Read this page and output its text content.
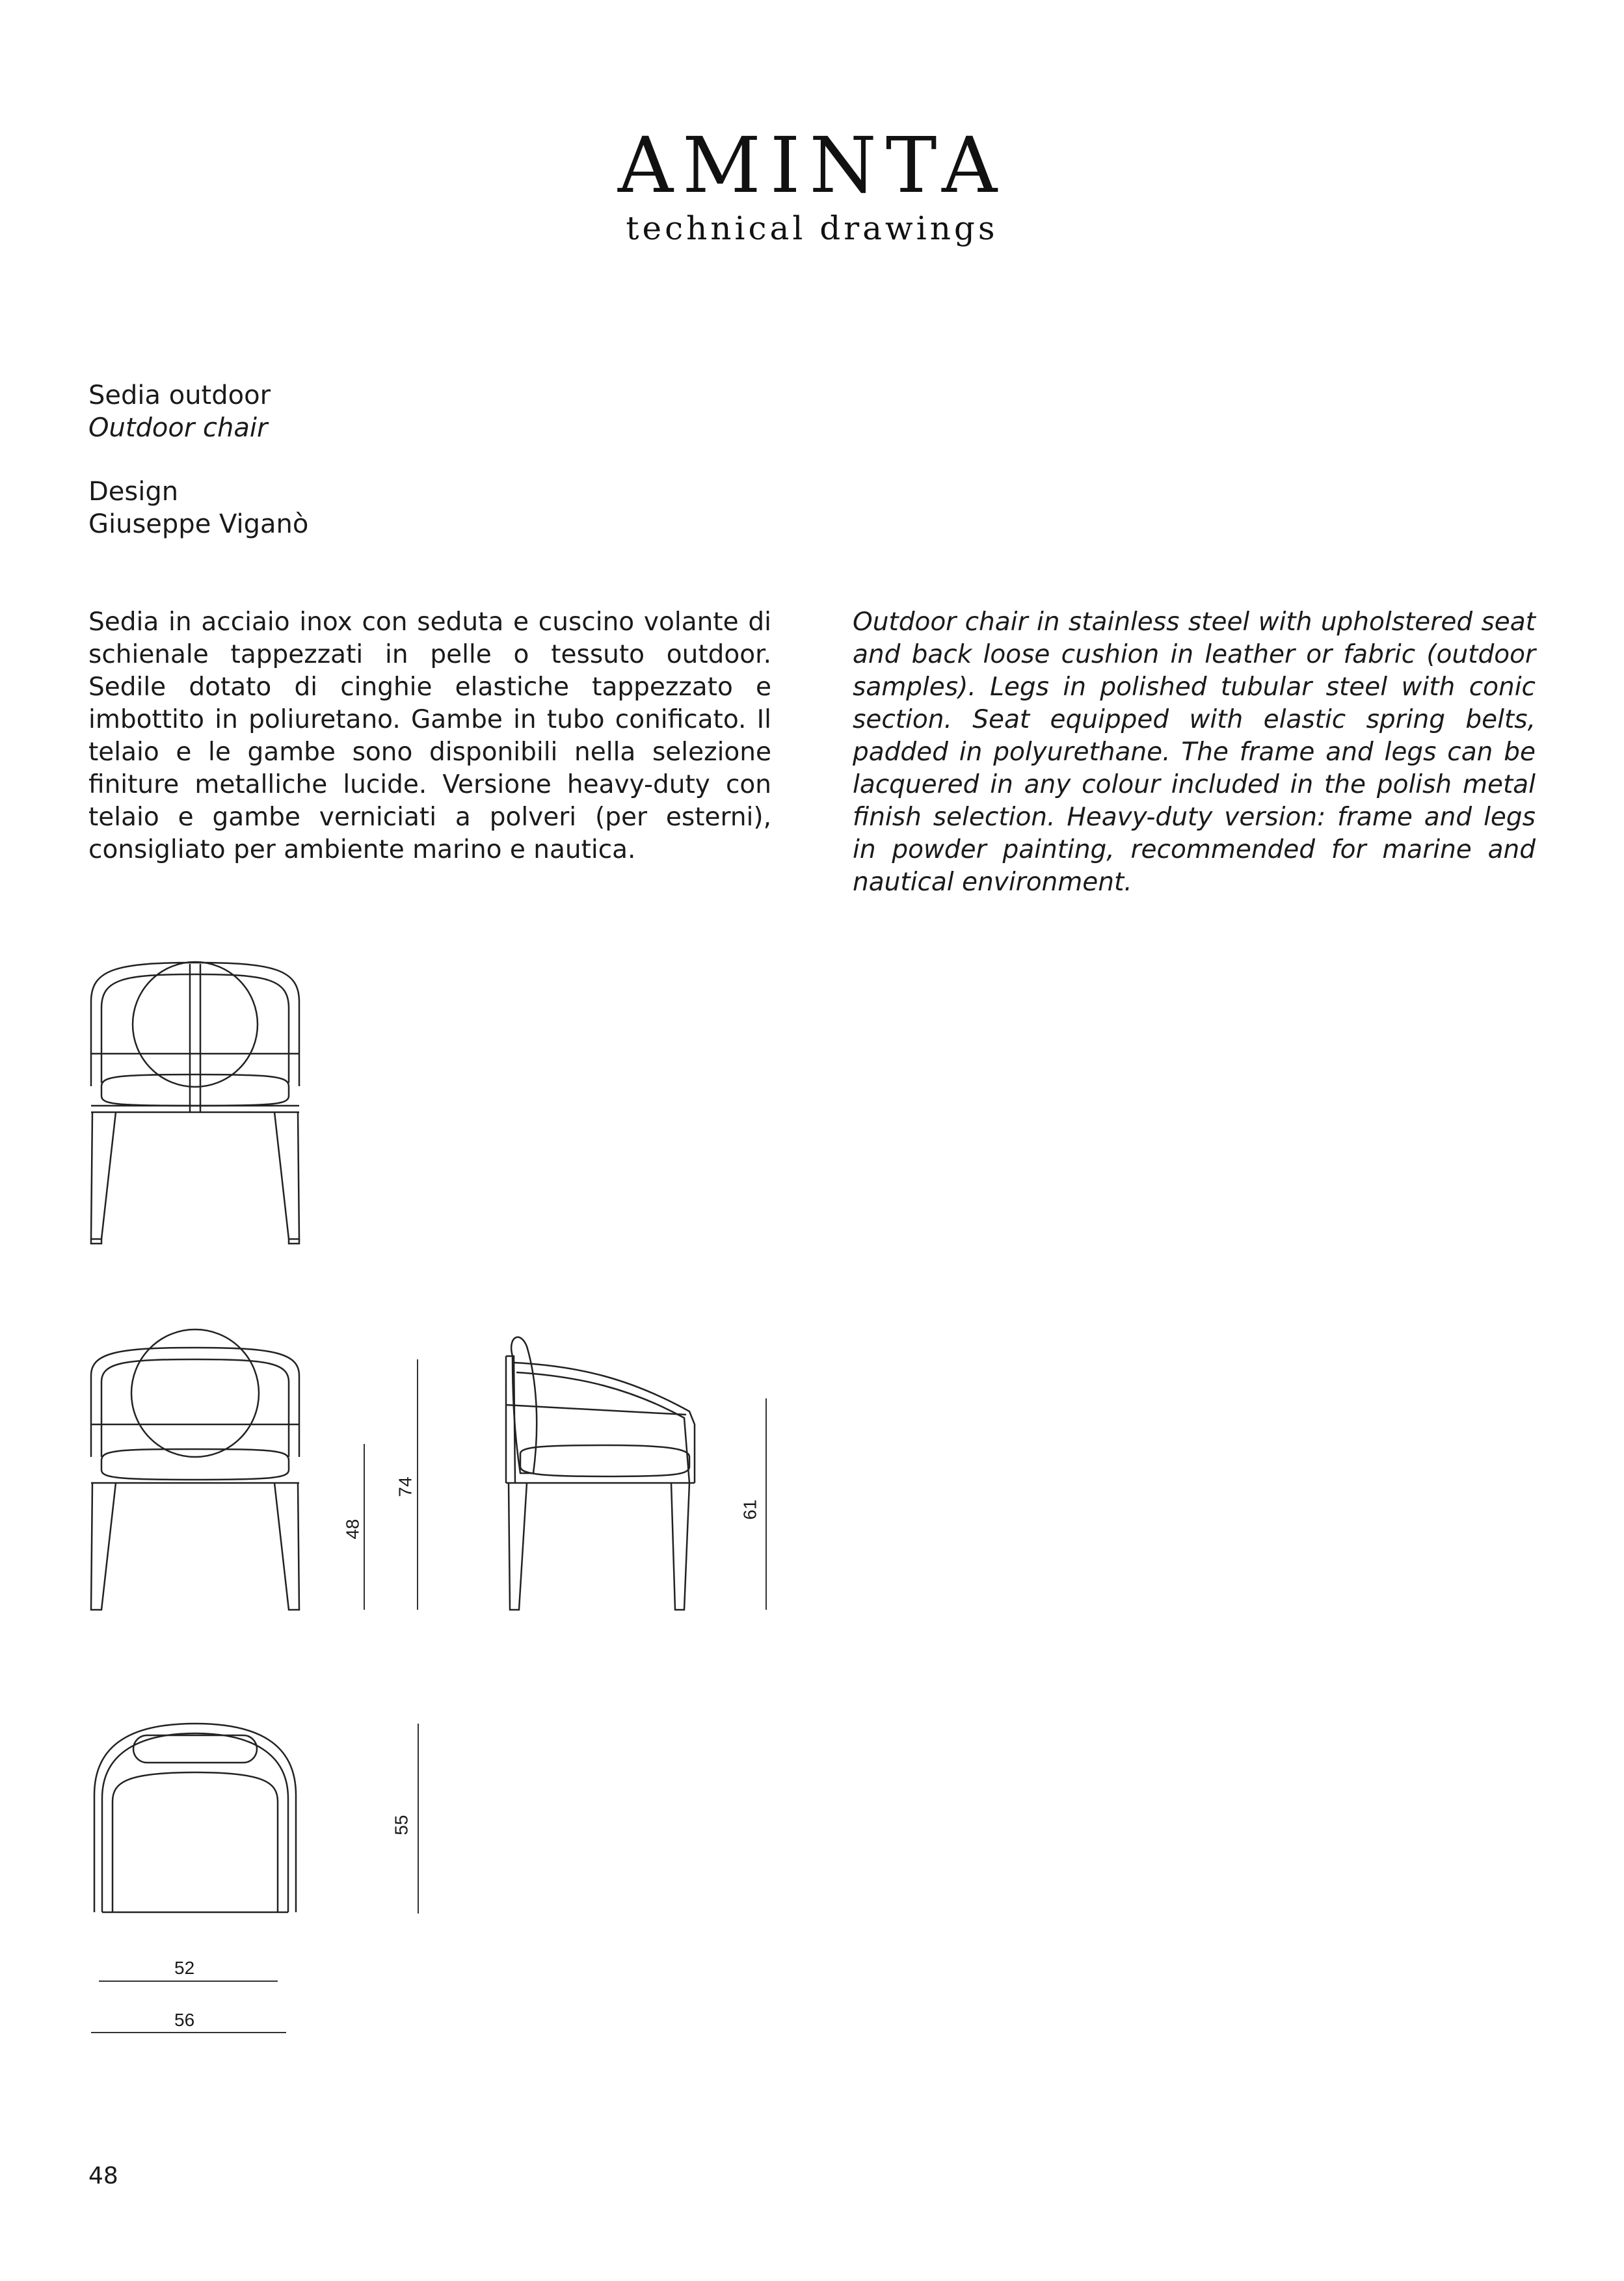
AMINTA
technical drawings
Sedia outdoor
Outdoor chair
Design
Giuseppe Viganò
Sedia in acciaio inox con seduta e cuscino volante di schienale tappezzati in pelle o tessuto outdoor. Sedile dotato di cinghie elastiche tappezzato e imbottito in poliuretano. Gambe in tubo conificato. Il telaio e le gambe sono disponibili nella selezione finiture metalliche lucide. Versione heavy-duty con telaio e gambe verniciati a polveri (per esterni), consigliato per ambiente marino e nautica.
Outdoor chair in stainless steel with upholstered seat and back loose cushion in leather or fabric (outdoor samples). Legs in polished tubular steel with conic section. Seat equipped with elastic spring belts, padded in polyurethane. The frame and legs can be lacquered in any colour included in the polish metal finish selection. Heavy-duty version: frame and legs in powder painting, recommended for marine and nautical environment.
48
74
61
55
52
56
48
